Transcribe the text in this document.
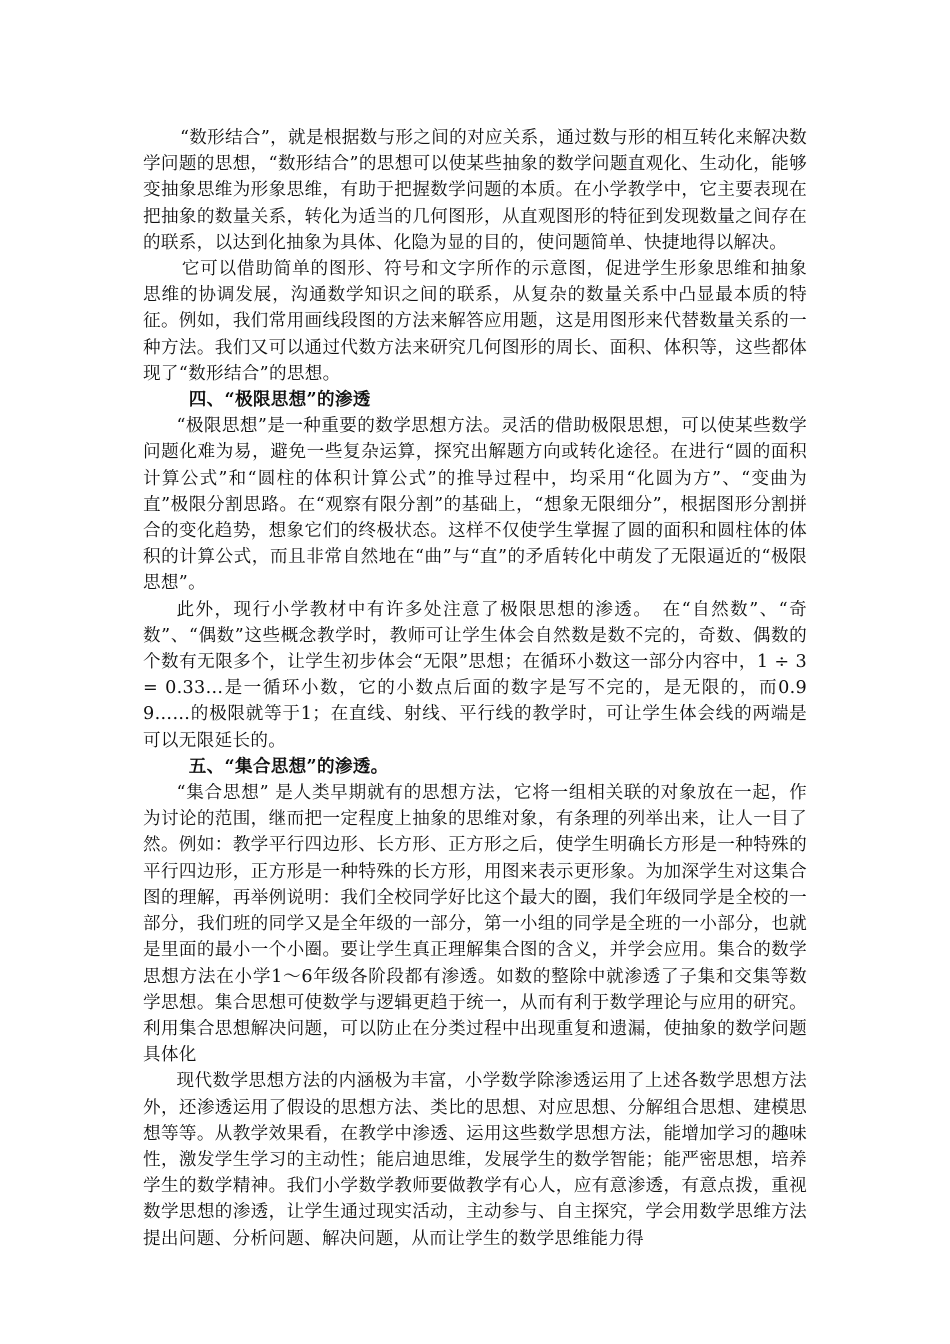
“数形结合”，就是根据数与形之间的对应关系，通过数与形的相互转化来解决数学问题的思想，“数形结合”的思想可以使某些抽象的数学问题直观化、生动化，能够变抽象思维为形象思维，有助于把握数学问题的本质。在小学教学中，它主要表现在把抽象的数量关系，转化为适当的几何图形，从直观图形的特征到发现数量之间存在的联系，以达到化抽象为具体、化隐为显的目的，使问题简单、快捷地得以解决。

它可以借助简单的图形、符号和文字所作的示意图，促进学生形象思维和抽象思维的协调发展，沟通数学知识之间的联系，从复杂的数量关系中凸显最本质的特征。例如，我们常用画线段图的方法来解答应用题，这是用图形来代替数量关系的一种方法。我们又可以通过代数方法来研究几何图形的周长、面积、体积等，这些都体现了“数形结合”的思想。

四、“极限思想”的渗透

“极限思想”是一种重要的数学思想方法。灵活的借助极限思想，可以使某些数学问题化难为易，避免一些复杂运算，探究出解题方向或转化途径。在进行“圆的面积计算公式”和“圆柱的体积计算公式”的推导过程中，均采用“化圆为方”、“变曲为直”极限分割思路。在“观察有限分割”的基础上，“想象无限细分”，根据图形分割拼合的变化趋势，想象它们的终极状态。这样不仅使学生掌握了圆的面积和圆柱体的体积的计算公式，而且非常自然地在“曲”与“直”的矛盾转化中萌发了无限逼近的“极限思想”。

此外，现行小学教材中有许多处注意了极限思想的渗透。　在“自然数”、“奇数”、“偶数”这些概念教学时，教师可让学生体会自然数是数不完的，奇数、偶数的个数有无限多个，让学生初步体会“无限”思想；在循环小数这一部分内容中，1 ÷ 3 = 0.33…是一循环小数，它的小数点后面的数字是写不完的，是无限的，而0.99……的极限就等于1；在直线、射线、平行线的教学时，可让学生体会线的两端是可以无限延长的。

五、“集合思想”的渗透。

“集合思想” 是人类早期就有的思想方法，它将一组相关联的对象放在一起，作为讨论的范围，继而把一定程度上抽象的思维对象，有条理的列举出来，让人一目了然。例如：教学平行四边形、长方形、正方形之后，使学生明确长方形是一种特殊的平行四边形，正方形是一种特殊的长方形，用图来表示更形象。为加深学生对这集合图的理解，再举例说明：我们全校同学好比这个最大的圈，我们年级同学是全校的一部分，我们班的同学又是全年级的一部分，第一小组的同学是全班的一小部分，也就是里面的最小一个小圈。要让学生真正理解集合图的含义，并学会应用。集合的数学思想方法在小学1～6年级各阶段都有渗透。如数的整除中就渗透了子集和交集等数学思想。集合思想可使数学与逻辑更趋于统一，从而有利于数学理论与应用的研究。利用集合思想解决问题，可以防止在分类过程中出现重复和遗漏，使抽象的数学问题具体化

现代数学思想方法的内涵极为丰富，小学数学除渗透运用了上述各数学思想方法外，还渗透运用了假设的思想方法、类比的思想、对应思想、分解组合思想、建模思想等等。从教学效果看，在教学中渗透、运用这些数学思想方法，能增加学习的趣味性，激发学生学习的主动性；能启迪思维，发展学生的数学智能；能严密思想，培养学生的数学精神。我们小学数学教师要做教学有心人，应有意渗透，有意点拨，重视数学思想的渗透，让学生通过现实活动，主动参与、自主探究，学会用数学思维方法提出问题、分析问题、解决问题，从而让学生的数学思维能力得
